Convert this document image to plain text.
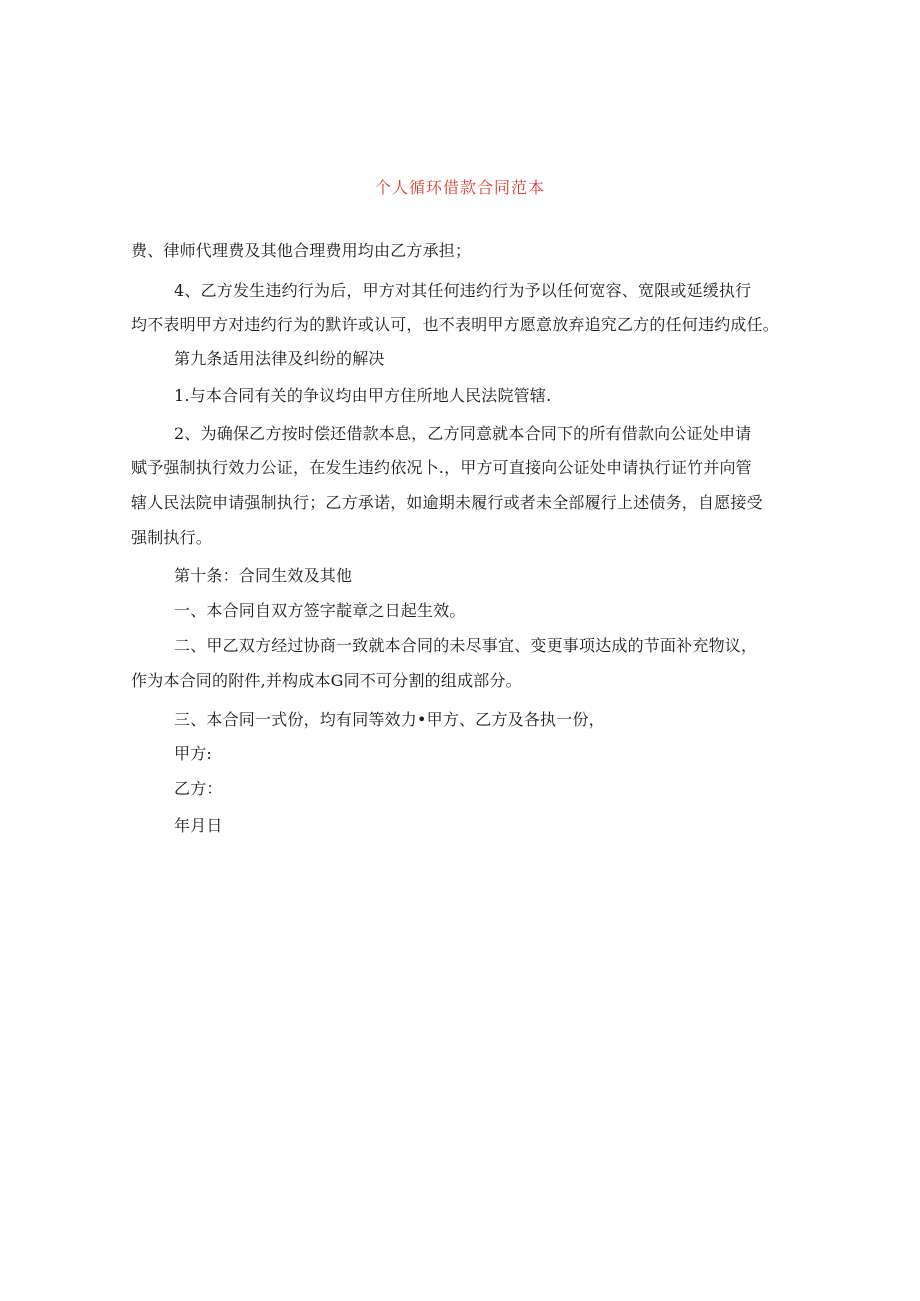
个人循环借款合同范本

费、律师代理费及其他合理费用均由乙方承担；

4、乙方发生违约行为后，甲方对其任何违约行为予以任何宽容、宽限或延缓执行

均不表明甲方对违约行为的默许或认可，也不表明甲方愿意放弃追究乙方的任何违约成任。

第九条适用法律及纠纷的解决

1.与本合同有关的争议均由甲方住所地人民法院管辖.

2、为确保乙方按时偿还借款本息，乙方同意就本合同下的所有借款向公证处申请

赋予强制执行效力公证，在发生违约依况卜.，甲方可直接向公证处申请执行证竹并向管

辖人民法院申请强制执行；乙方承诺，如逾期未履行或者未全部履行上述债务，自愿接受

强制执行。

第十条：合同生效及其他

一、本合同自双方签字靛章之日起生效。

二、甲乙双方经过协商一致就本合同的未尽事宜、变更事项达成的节面补充物议，

作为本合同的附件,并构成本G同不可分割的组成部分。

三、本合同一式份，均有同等效力•甲方、乙方及各执一份，

甲方:

乙方：

年月日
